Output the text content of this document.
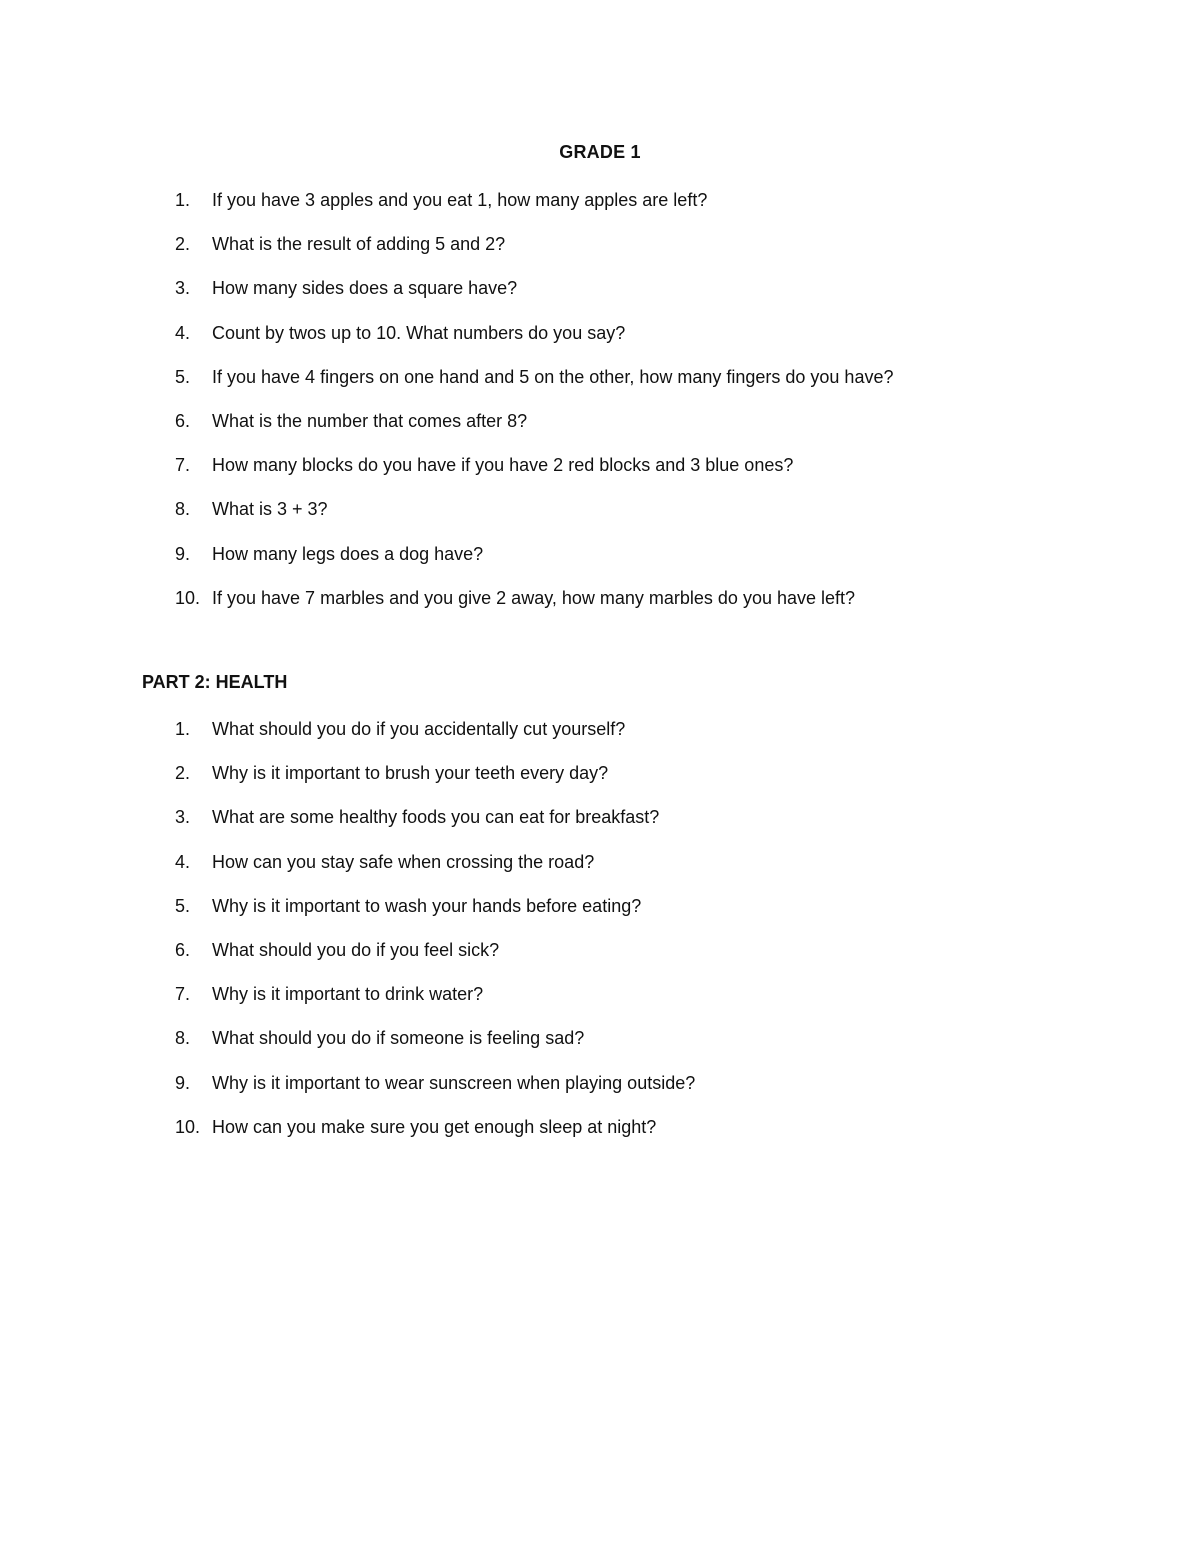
GRADE 1
1.	If you have 3 apples and you eat 1, how many apples are left?
2.	What is the result of adding 5 and 2?
3.	How many sides does a square have?
4.	Count by twos up to 10. What numbers do you say?
5.	If you have 4 fingers on one hand and 5 on the other, how many fingers do you have?
6.	What is the number that comes after 8?
7.	How many blocks do you have if you have 2 red blocks and 3 blue ones?
8.	What is 3 + 3?
9.	How many legs does a dog have?
10. If you have 7 marbles and you give 2 away, how many marbles do you have left?
PART 2: HEALTH
1.	What should you do if you accidentally cut yourself?
2.	Why is it important to brush your teeth every day?
3.	What are some healthy foods you can eat for breakfast?
4.	How can you stay safe when crossing the road?
5.	Why is it important to wash your hands before eating?
6.	What should you do if you feel sick?
7.	Why is it important to drink water?
8.	What should you do if someone is feeling sad?
9.	Why is it important to wear sunscreen when playing outside?
10. How can you make sure you get enough sleep at night?
